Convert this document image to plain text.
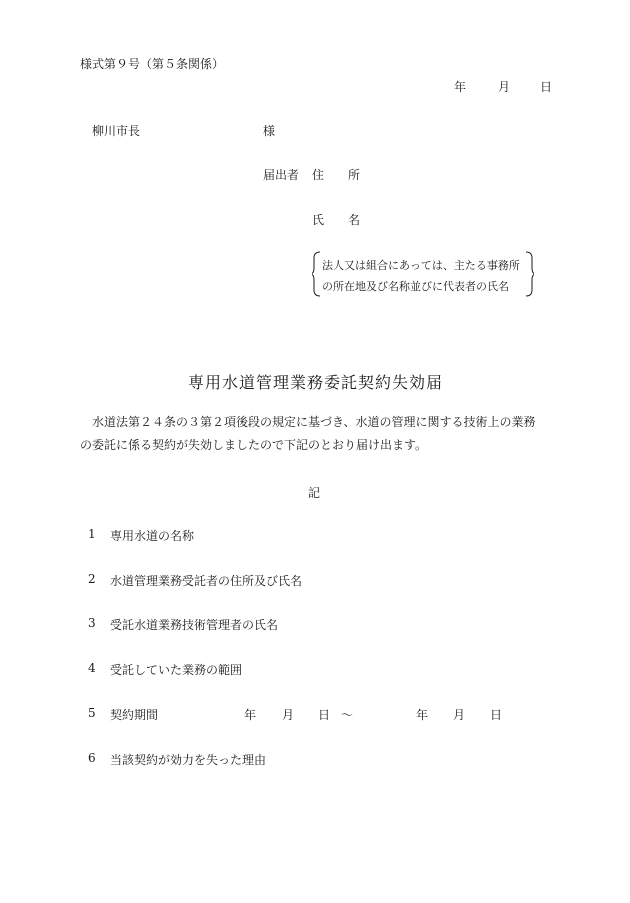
様式第９号（第５条関係）
年	月 日
柳川市長	様
届出者 住　　所
氏　　名
法人又は組合にあっては、主たる事務所
の所在地及び名称並びに代表者の氏名
専用水道管理業務委託契約失効届
　水道法第２４条の３第２項後段の規定に基づき、水道の管理に関する技術上の業務
の委託に係る契約が失効しましたので下記のとおり届け出ます。
記
1 専用水道の名称
2 水道管理業務受託者の住所及び氏名
3 受託水道業務技術管理者の氏名
4 受託していた業務の範囲
5 契約期間	年 月 日 ～	年 月 日
6 当該契約が効力を失った理由
